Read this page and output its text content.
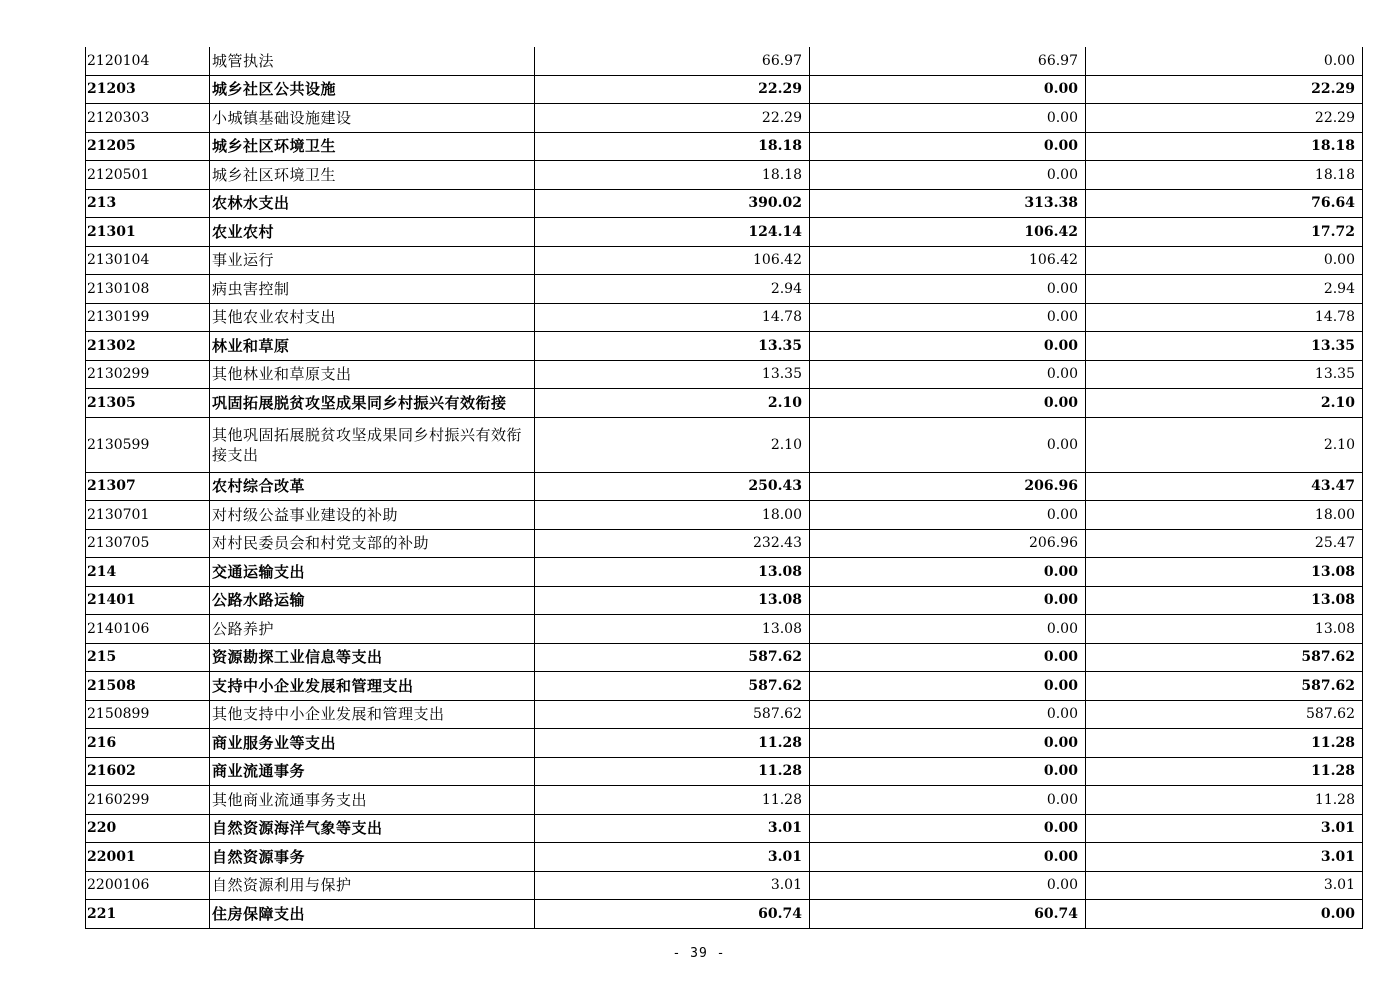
2120104	城管执法	66.97	66.97	0.00
21203	城乡社区公共设施	22.29	0.00	22.29
2120303	小城镇基础设施建设	22.29	0.00	22.29
21205	城乡社区环境卫生	18.18	0.00	18.18
2120501	城乡社区环境卫生	18.18	0.00	18.18
213	农林水支出	390.02	313.38	76.64
21301	农业农村	124.14	106.42	17.72
2130104	事业运行	106.42	106.42	0.00
2130108	病虫害控制	2.94	0.00	2.94
2130199	其他农业农村支出	14.78	0.00	14.78
21302	林业和草原	13.35	0.00	13.35
2130299	其他林业和草原支出	13.35	0.00	13.35
21305	巩固拓展脱贫攻坚成果同乡村振兴有效衔接	2.10	0.00	2.10
2130599	其他巩固拓展脱贫攻坚成果同乡村振兴有效衔接支出	2.10	0.00	2.10
21307	农村综合改革	250.43	206.96	43.47
2130701	对村级公益事业建设的补助	18.00	0.00	18.00
2130705	对村民委员会和村党支部的补助	232.43	206.96	25.47
214	交通运输支出	13.08	0.00	13.08
21401	公路水路运输	13.08	0.00	13.08
2140106	公路养护	13.08	0.00	13.08
215	资源勘探工业信息等支出	587.62	0.00	587.62
21508	支持中小企业发展和管理支出	587.62	0.00	587.62
2150899	其他支持中小企业发展和管理支出	587.62	0.00	587.62
216	商业服务业等支出	11.28	0.00	11.28
21602	商业流通事务	11.28	0.00	11.28
2160299	其他商业流通事务支出	11.28	0.00	11.28
220	自然资源海洋气象等支出	3.01	0.00	3.01
22001	自然资源事务	3.01	0.00	3.01
2200106	自然资源利用与保护	3.01	0.00	3.01
221	住房保障支出	60.74	60.74	0.00
- 39 -
